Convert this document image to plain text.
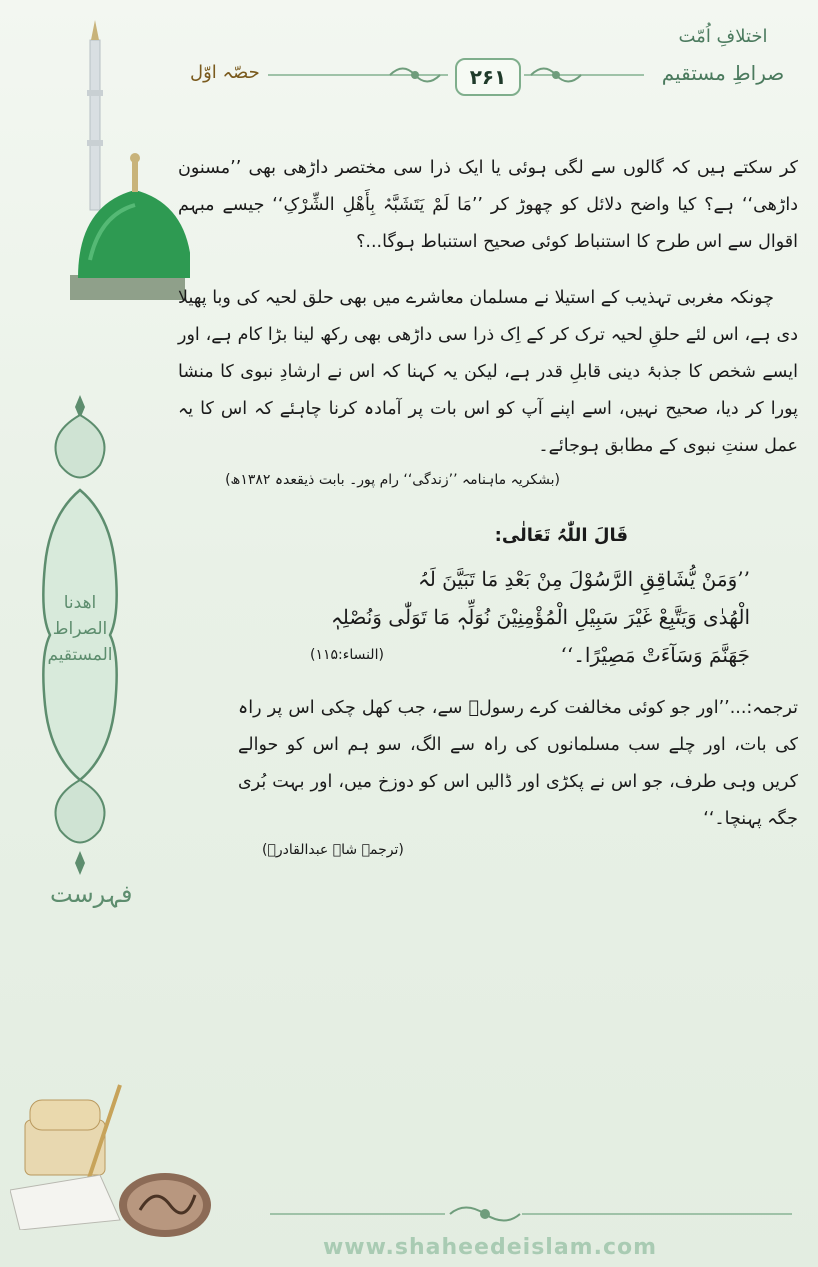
۲۶۱
حصّہ اوّل
اختلافِ اُمّت
صراطِ مستقیم
اھدنا الصراط المستقیم
فہرست

کر سکتے ہیں کہ گالوں سے لگی ہوئی یا ایک ذرا سی مختصر داڑھی بھی ’’مسنون داڑھی‘‘ ہے؟ کیا واضح دلائل کو چھوڑ کر ’’مَا لَمْ یَتَشَبَّہْ بِأَھْلِ الشِّرْکِ‘‘ جیسے مبہم اقوال سے اس طرح کا استنباط کوئی صحیح استنباط ہوگا...؟

چونکہ مغربی تہذیب کے استیلا نے مسلمان معاشرے میں بھی حلق لحیہ کی وبا پھیلا دی ہے، اس لئے حلقِ لحیہ ترک کر کے اِک ذرا سی داڑھی بھی رکھ لینا بڑا کام ہے، اور ایسے شخص کا جذبۂ دینی قابلِ قدر ہے، لیکن یہ کہنا کہ اس نے ارشادِ نبوی کا منشا پورا کر دیا، صحیح نہیں، اسے اپنے آپ کو اس بات پر آمادہ کرنا چاہئے کہ اس کا یہ عمل سنتِ نبوی کے مطابق ہوجائے۔

(بشکریہ ماہنامہ ’’زندگی‘‘ رام پور۔ بابت ذیقعدہ ۱۳۸۲ھ)
قَالَ اللّٰہُ تَعَالٰی:
’’وَمَنْ یُّشَاقِقِ الرَّسُوْلَ مِنْ بَعْدِ مَا تَبَیَّنَ لَہُ
الْھُدٰی وَیَتَّبِعْ غَیْرَ سَبِیْلِ الْمُؤْمِنِیْنَ نُوَلِّہٖ مَا تَوَلّٰی وَنُصْلِہٖ
جَھَنَّمَ وَسَآءَتْ مَصِیْرًا۔‘‘
(النساء:۱۱۵)

ترجمہ:...’’اور جو کوئی مخالفت کرے رسولؐ سے، جب کھل چکی اس پر راہ کی بات، اور چلے سب مسلمانوں کی راہ سے الگ، سو ہم اس کو حوالے کریں وہی طرف، جو اس نے پکڑی اور ڈالیں اس کو دوزخ میں، اور بہت بُری جگہ پہنچا۔‘‘

(ترجمہ شاہ عبدالقادرؒ)
www.shaheedeislam.com
